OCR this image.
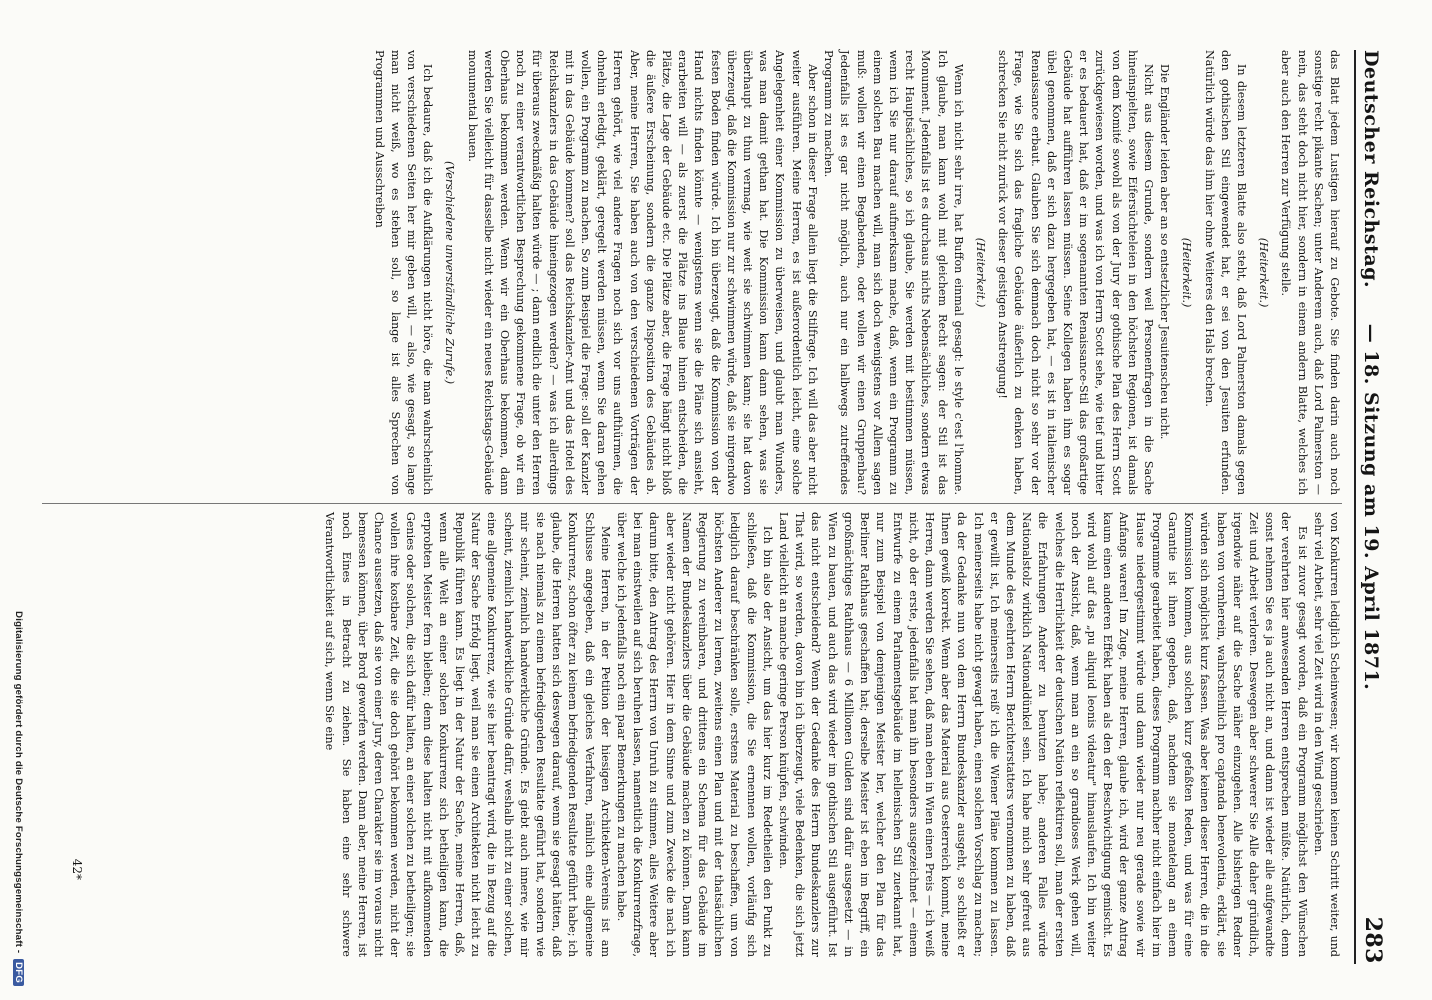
Deutscher Reichstag.
— 18. Sitzung am 19. April 1871.
283

das Blatt jedem Lustigen hierauf zu Gebote. Sie finden darin auch noch sonstige recht pikante Sachen; unter Anderem auch, daß Lord Palmerston — nein, das steht doch nicht hier, sondern in einem andern Blatte, welches ich aber auch den Herren zur Verfügung stelle.

(Heiterkeit.)

In diesem letzteren Blatte also steht, daß Lord Palmerston damals gegen den gothischen Stil eingewendet hat, er sei von den Jesuiten erfunden. Natürlich würde das ihm hier ohne Weiteres den Hals brechen.

(Heiterkeit.)

Die Engländer leiden aber an so entsetzlicher Jesuitenscheu nicht.

Nicht aus diesem Grunde, sondern weil Personenfragen in die Sache hineinspielten, sowie Eifersüchteleien in den höchsten Regionen, ist damals von dem Komité sowohl als von der Jury der gothische Plan des Herrn Scott zurückgewiesen worden, und was ich von Herrn Scott sehe, wie tief und bitter er es bedauert hat, daß er im sogenannten Renaissance-Stil das großartige Gebäude hat aufführen lassen müssen. Seine Kollegen haben ihm es sogar übel genommen, daß er sich dazu hergegeben hat, — es ist in italienischer Renaissance erbaut. Glauben Sie sich demnach doch nicht so sehr vor der Frage, wie Sie sich das fragliche Gebäude äußerlich zu denken haben, schrecken Sie nicht zurück vor dieser geistigen Anstrengung!

(Heiterkeit.)

Wenn ich nicht sehr irre, hat Buffon einmal gesagt: le style c'est l'homme. Ich glaube, man kann wohl mit gleichem Recht sagen: der Stil ist das Monument. Jedenfalls ist es durchaus nichts Nebensächliches, sondern etwas recht Hauptsächliches, so ich glaube, Sie werden mit bestimmen müssen, wenn ich Sie nur darauf aufmerksam mache, daß, wenn ein Programm zu einem solchen Bau machen will, man sich doch wenigstens vor Allem sagen muß: wollen wir einen Begabenden, oder wollen wir einen Gruppenbau? Jedenfalls ist es gar nicht möglich, auch nur ein halbwegs zutreffendes Programm zu machen.

Aber schon in dieser Frage allein liegt die Stilfrage. Ich will das aber nicht weiter ausführen. Meine Herren, es ist außerordentlich leicht, eine solche Angelegenheit einer Kommission zu überweisen, und glaubt man Wunders, was man damit gethan hat. Die Kommission kann dann sehen, was sie überhaupt zu thun vermag, wie weit sie schwimmen kann; sie hat davon überzeugt, daß die Kommission nur zur schwimmen würde, daß sie nirgendwo festen Boden finden würde. Ich bin überzeugt, daß die Kommission von der Hand nichts finden könnte — wenigstens wenn sie die Pläne sich ansieht, erarbeiten will — als zuerst die Plätze ins Blaue hinein entscheiden, die Plätze, die Lage der Gebäude etc. Die Plätze aber, die Frage hängt nicht bloß die äußere Erscheinung, sondern die ganze Disposition des Gebäudes ab. Aber, meine Herren, Sie haben auch von den verschiedenen Vorträgen der Herren gehört, wie viel andere Fragen noch sich vor uns aufthürmen, die ohnehin erledigt, geklärt, geregelt werden müssen, wenn Sie daran gehen wollen, ein Programm zu machen. So zum Beispiel die Frage: soll der Kanzler mit in das Gebäude kommen? soll das Reichskanzler-Amt und das Hotel des Reichskanzlers in das Gebäude hineingezogen werden? — was ich allerdings für überaus zweckmäßig halten würde — ; dann endlich die unter den Herren noch zu einer verantwortlichen Besprechung gekommene Frage, ob wir ein Oberhaus bekommen werden. Wenn wir ein Oberhaus bekommen, dann werden Sie vielleicht für dasselbe nicht wieder ein neues Reichstags-Gebäude monumental bauen.

(Verschiedene unverständliche Zurufe.)

Ich bedaure, daß ich die Aufklärungen nicht höre, die man wahrscheinlich von verschiedenen Seiten her mir geben will, — also, wie gesagt, so lange man nicht weiß, wo es stehen soll, so lange ist alles Sprechen von Programmen und Ausschreiben

von Konkurren lediglich Scheinwesen; wir kommen keinen Schritt weiter, und sehr viel Arbeit, sehr viel Zeit wird in den Wind geschrieben.

Es ist zuvor gesagt worden, daß ein Programm möglichst den Wünschen der verehrten hier anwesenden Herren entsprechen müßte. Natürlich, denn sonst nehmen Sie es ja auch nicht an, und dann ist wieder alle aufgewandte Zeit und Arbeit verloren. Deswegen aber schwerer Sie Alle daher gründlich, irgendwie näher auf die Sache näher einzugehen. Alle bisherigen Redner haben von vornherein, wahrscheinlich pro captanda benevolentia, erklärt, sie würden sich möglichst kurz fassen. Was aber keinen dieser Herren, die in die Kommission kommen, aus solchen kurz gefaßten Reden, und was für eine Garantie ist ihnen gegeben, daß, nachdem sie monatelang an einem Programme gearbeitet haben, dieses Programm nachher nicht einfach hier im Hause niedergestimmt würde und dann wieder nur neu gerade sowie wir Anfangs waren! Im Zuge, meine Herren, glaube ich, wird der ganze Antrag kaum einen anderen Effekt haben als den der Beschwichtigung gemischt. Es wird wohl auf das „pu aliquid leonis videatur" hinauslaufen. Ich bin weiter noch der Ansicht, daß, wenn man an ein so grandioses Werk gehen will, welches die Herrlichkeit der deutschen Nation reflektiren soll, man der ersten die Erfahrungen Anderer zu benutzen habe; anderen Falles würde Nationalstolz wirklich Nationaldünkel sein. Ich habe mich sehr gefreut aus dem Munde des geehrten Herrn Berichterstatters vernommen zu haben, daß er gewillt ist, Ich meinerseits reiß' ich die Wiener Pläne kommen zu lassen. Ich meinerseits habe nicht gewagt haben, einen solchen Vorschlag zu machen; da der Gedanke nun von dem Herrn Bundeskanzler ausgeht, so schließt er Ihnen gewiß korrekt. Wenn aber das Material aus Oesterreich kommt, meine Herren, dann werden Sie sehen, daß man eben in Wien einen Preis — ich weiß nicht, ob der erste, jedenfalls hat man ihn besonders ausgezeichnet — einem Entwurfe zu einem Parlamentsgebäude im hellenischen Stil zuerkannt hat, nur zum Beispiel von demjenigen Meister her, welcher den Plan für das Berliner Rathhaus geschaffen hat; derselbe Meister ist eben im Begriff, ein großmächtiges Rathhaus — 6 Millionen Gulden sind dafür ausgesetzt — in Wien zu bauen, und auch das wird wieder im gothischen Stil ausgeführt. Ist das nicht entscheidend? Wenn der Gedanke des Herrn Bundeskanzlers zur That wird, so werden, davon bin ich überzeugt, viele Bedenken, die sich jetzt Land vielleicht an manche geringe Person knüpfen, schwinden.

Ich bin also der Ansicht, um das hier kurz im Redetheilen den Punkt zu schließen, daß die Kommission, die Sie ernennen wollen, vorläufig sich lediglich darauf beschränken solle, erstens Material zu beschaffen, um von höchsten Anderer zu lernen, zweitens einen Plan und mit der thatsächlichen Regierung zu vereinbaren, und drittens ein Schema für das Gebäude im Namen der Bundeskanzlers über die Gebäude machen zu können. Dann kann aber wieder nicht gehören. Hier in dem Sinne und zum Zwecke die nach ich darum bitte, den Antrag des Herrn von Unruh zu stimmen, alles Weitere aber bei man einstweilen auf sich beruhen lassen, namentlich die Konkurrenzfrage, über welche ich jedenfalls noch ein paar Bemerkungen zu machen habe.

Meine Herren, in der Petition der hiesigen Architekten-Vereins ist am Schlusse angegeben, daß ein gleiches Verfahren, nämlich eine allgemeine Konkurrenz, schon öfter zu keinem befriedigenden Resultate geführt habe; ich glaube, die Herren hatten sich deswegen darauf, wenn sie gesagt hätten, daß sie nach niemals zu einem befriedigenden Resultate geführt hat, sondern wie mir scheint, ziemlich handwerkliche Gründe. Es giebt auch innere, wie mir scheint, ziemlich handwerkliche Gründe dafür, weshalb nicht zu einer solchen, eine allgemeine Konkurrenz, wie sie hier beantragt wird, die in Bezug auf die Natur der Sache Erfolg liegt, weil man sie einen Architekten nicht leicht zu Republik führen kann. Es liegt in der Natur der Sache, meine Herren, daß, wenn alle Welt an einer solchen Konkurrenz sich betheiligen kann, die erprobten Meister fern bleiben; denn diese halten nicht mit aufkommenden Genies oder solchen, die sich dafür halten, an einer solchen zu betheiligen; sie wollen ihre kostbare Zeit, die sie doch gehört bekommen werden, nicht der Chance aussetzen, daß sie von einer Jury, deren Charakter sie im voraus nicht bemessen können, über Bord geworfen werden. Dann aber, meine Herren, ist noch Eines in Betracht zu ziehen. Sie haben eine sehr schwere Verantwortlichkeit auf sich, wenn Sie eine

42*
Digitalisierung gefördert durch die Deutsche Forschungsgemeinschaft - DFG
